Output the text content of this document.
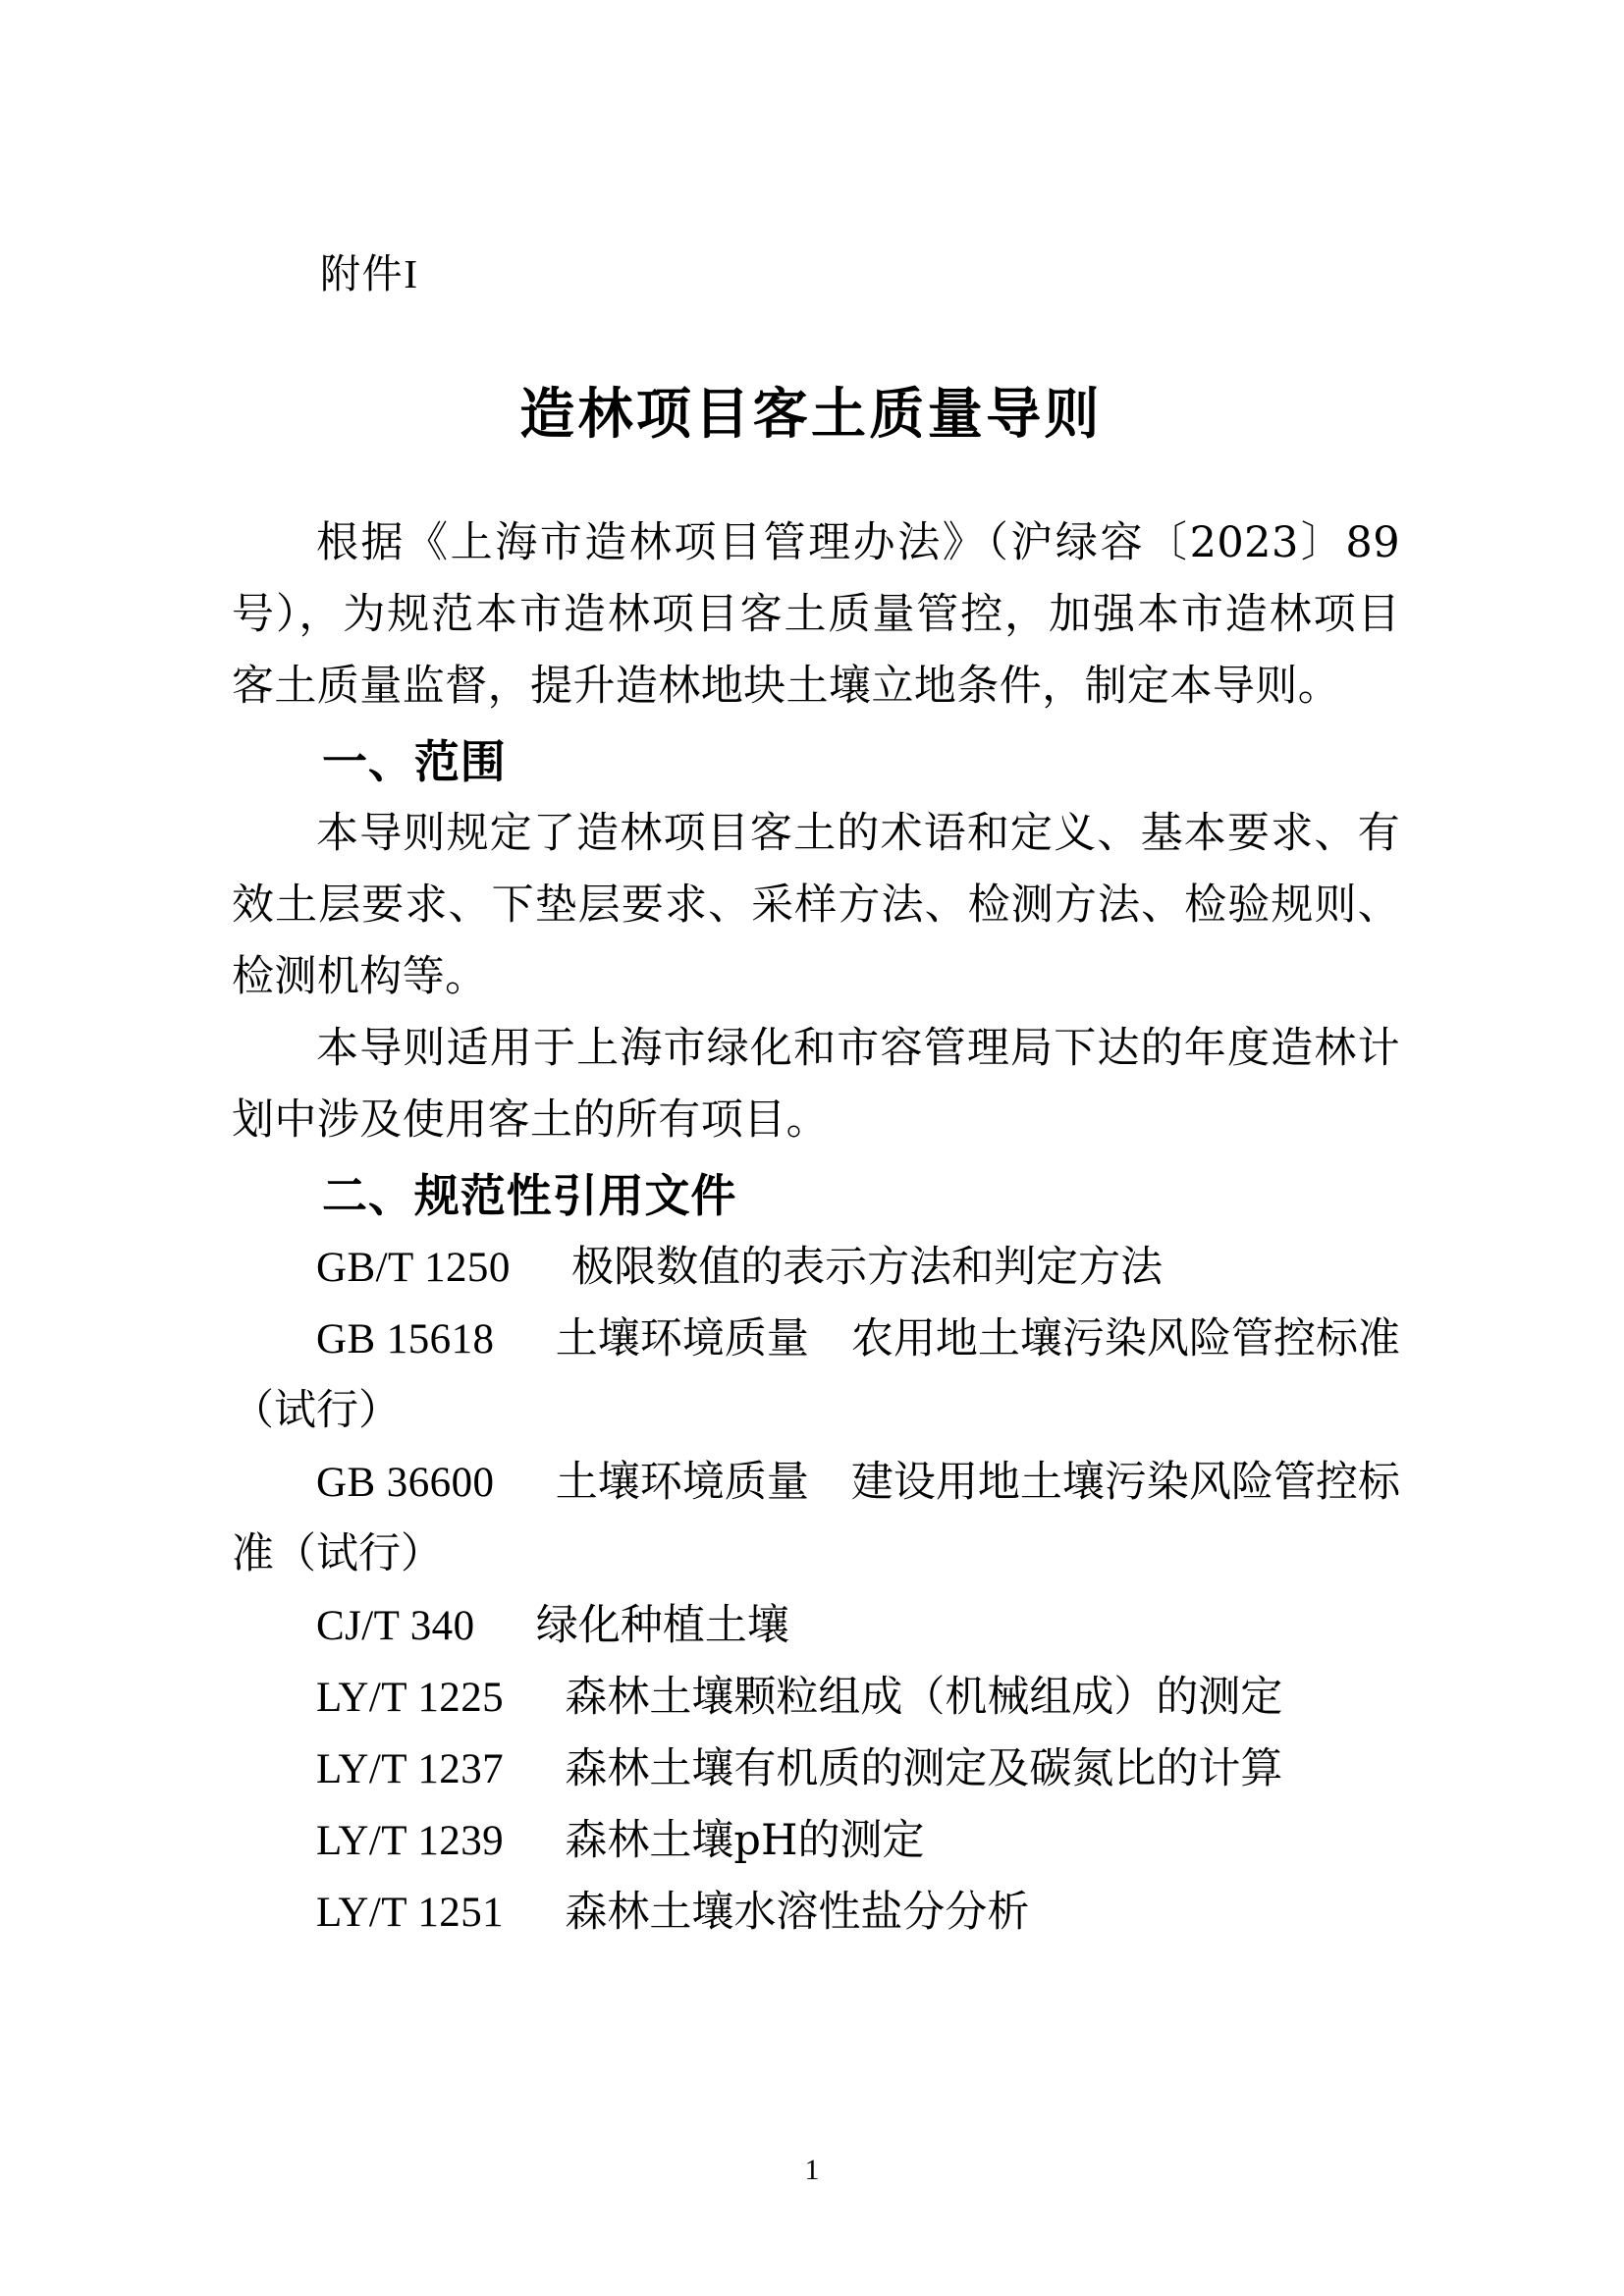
附件I

造林项目客土质量导则

根据《上海市造林项目管理办法》（沪绿容〔2023〕89号），为规范本市造林项目客土质量管控，加强本市造林项目客土质量监督，提升造林地块土壤立地条件，制定本导则。

一、范围

本导则规定了造林项目客土的术语和定义、基本要求、有效土层要求、下垫层要求、采样方法、检测方法、检验规则、检测机构等。

本导则适用于上海市绿化和市容管理局下达的年度造林计划中涉及使用客土的所有项目。

二、规范性引用文件

GB/T 1250 极限数值的表示方法和判定方法

GB 15618 土壤环境质量　农用地土壤污染风险管控标准（试行）

GB 36600 土壤环境质量　建设用地土壤污染风险管控标准（试行）

CJ/T 340 绿化种植土壤

LY/T 1225 森林土壤颗粒组成（机械组成）的测定

LY/T 1237 森林土壤有机质的测定及碳氮比的计算

LY/T 1239 森林土壤pH的测定

LY/T 1251 森林土壤水溶性盐分分析

1
